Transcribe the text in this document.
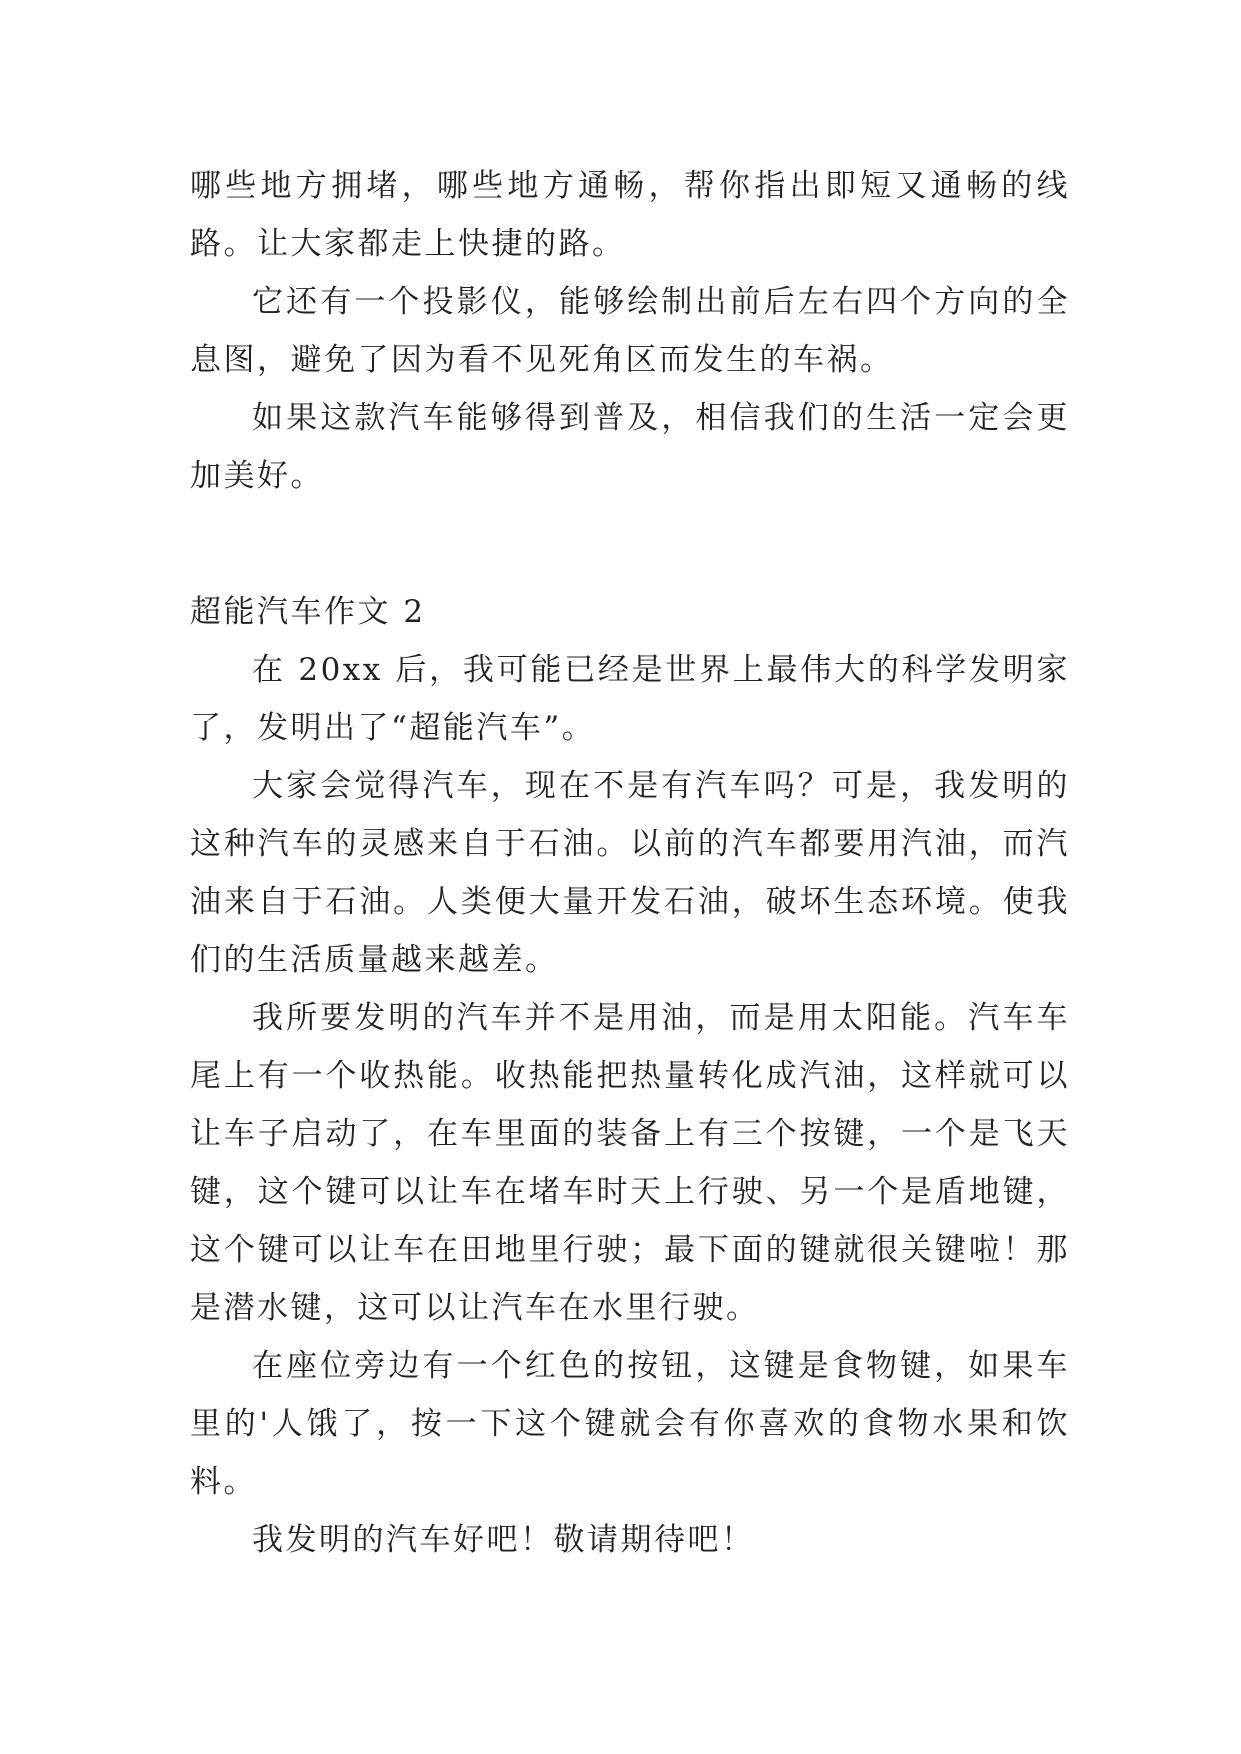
哪些地方拥堵，哪些地方通畅，帮你指出即短又通畅的线路。让大家都走上快捷的路。

它还有一个投影仪，能够绘制出前后左右四个方向的全息图，避免了因为看不见死角区而发生的车祸。

如果这款汽车能够得到普及，相信我们的生活一定会更加美好。

超能汽车作文 2

在 20xx 后，我可能已经是世界上最伟大的科学发明家了，发明出了“超能汽车”。

大家会觉得汽车，现在不是有汽车吗？可是，我发明的这种汽车的灵感来自于石油。以前的汽车都要用汽油，而汽油来自于石油。人类便大量开发石油，破坏生态环境。使我们的生活质量越来越差。

我所要发明的汽车并不是用油，而是用太阳能。汽车车尾上有一个收热能。收热能把热量转化成汽油，这样就可以让车子启动了，在车里面的装备上有三个按键，一个是飞天键，这个键可以让车在堵车时天上行驶、另一个是盾地键，这个键可以让车在田地里行驶；最下面的键就很关键啦！那是潜水键，这可以让汽车在水里行驶。

在座位旁边有一个红色的按钮，这键是食物键，如果车里的'人饿了，按一下这个键就会有你喜欢的食物水果和饮料。

我发明的汽车好吧！敬请期待吧！
